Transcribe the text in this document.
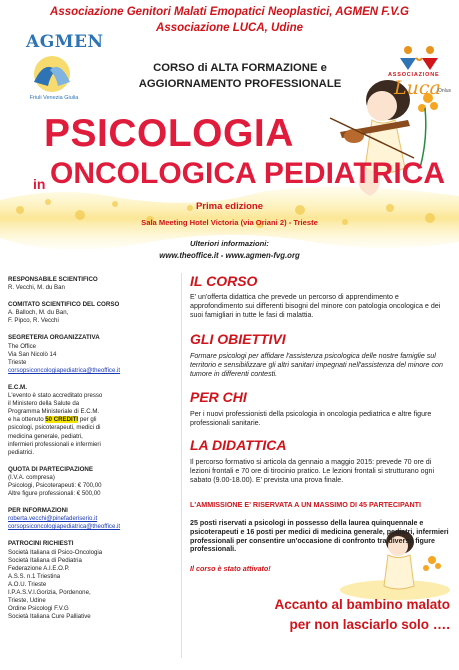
Associazione Genitori Malati Emopatici Neoplastici, AGMEN F.V.G
Associazione LUCA, Udine
AGMEN
Friuli Venezia Giulia
ASSOCIAZIONE
Luca
Onlus
CORSO di ALTA FORMAZIONE e
AGGIORNAMENTO PROFESSIONALE
PSICOLOGIA
in ONCOLOGICA PEDIATRICA
Prima edizione
Sala Meeting Hotel Victoria (via Oriani 2) - Trieste
Ulteriori informazioni:
www.theoffice.it - www.agmen-fvg.org
RESPONSABILE SCIENTIFICO
R. Vecchi, M. du Ban
COMITATO SCIENTIFICO DEL CORSO
A. Balloch, M. du Ban,
F. Pipco, R. Vecchi
SEGRETERIA ORGANIZZATIVA
The Office
Via San Nicolò 14
Trieste
corsopsiconcologiapediatrica@theoffice.it
E.C.M.
L'evento è stato accreditato presso
il Ministero della Salute da
Programma Ministeriale di E.C.M.
e ha ottenuto 50 CREDITI per gli
psicologi, psicoterapeuti, medici di
medicina generale, pediatri,
infermieri professionali e infermieri
pediatrici.
QUOTA DI PARTECIPAZIONE
(I.V.A. compresa)
Psicologi, Psicoterapeuti: € 700,00
Altre figure professionali: € 500,00
PER INFORMAZIONI
roberta.vecchi@pinefaderiserio.it
corsopsiconcologiapediatrica@theoffice.it
PATROCINI RICHIESTI
Società Italiana di Psico-Oncologia
Società Italiana di Pediatria
Federazione A.I.E.O.P.
A.S.S. n.1 Triestina
A.O.U. Trieste
I.P.A.S.V.I.Gorizia, Pordenone,
Trieste, Udine
Ordine Psicologi F.V.G
Società Italiana Cure Palliative
IL CORSO
E' un'offerta didattica che prevede un percorso di apprendimento e approfondimento sui differenti bisogni del minore con patologia oncologica e dei suoi famigliari in tutte le fasi di malattia.
GLI OBIETTIVI
Formare psicologi per affidare l'assistenza psicologica delle nostre famiglie sul territorio e sensibilizzare gli altri sanitari impegnati nell'assistenza del minore con tumore in differenti contesti.
PER CHI
Per i nuovi professionisti della psicologia in oncologia pediatrica e altre figure professionali sanitarie.
LA DIDATTICA
Il percorso formativo si articola da gennaio a maggio 2015: prevede 70 ore di lezioni frontali e 70 ore di tirocinio pratico. Le lezioni frontali si strutturano ogni sabato (9.00-18.00). E' prevista una prova finale.
L'AMMISSIONE E' RISERVATA A UN MASSIMO DI 45 PARTECIPANTI
25 posti riservati a psicologi in possesso della laurea quinquennale e psicoterapeuti e 16 posti per medici di medicina generale, pediatri, infermieri professionali per consentire un'occasione di confronto tra diverse figure professionali.
Il corso è stato attivato!
Accanto al bambino malato
per non lasciarlo solo ….
